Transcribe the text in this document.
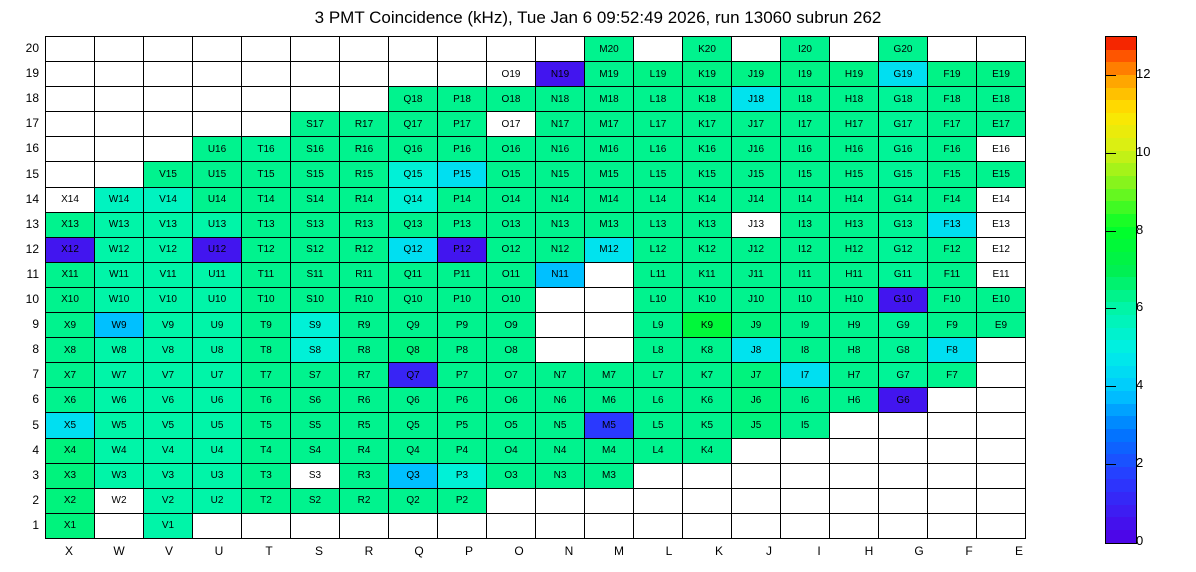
3 PMT Coincidence (kHz), Tue Jan 6 09:52:49 2026, run 13060 subrun 262
											M20		K20		I20		G20		
									O19	N19	M19	L19	K19	J19	I19	H19	G19	F19	E19
							Q18	P18	O18	N18	M18	L18	K18	J18	I18	H18	G18	F18	E18
					S17	R17	Q17	P17	O17	N17	M17	L17	K17	J17	I17	H17	G17	F17	E17
			U16	T16	S16	R16	Q16	P16	O16	N16	M16	L16	K16	J16	I16	H16	G16	F16	E16
		V15	U15	T15	S15	R15	Q15	P15	O15	N15	M15	L15	K15	J15	I15	H15	G15	F15	E15
X14	W14	V14	U14	T14	S14	R14	Q14	P14	O14	N14	M14	L14	K14	J14	I14	H14	G14	F14	E14
X13	W13	V13	U13	T13	S13	R13	Q13	P13	O13	N13	M13	L13	K13	J13	I13	H13	G13	F13	E13
X12	W12	V12	U12	T12	S12	R12	Q12	P12	O12	N12	M12	L12	K12	J12	I12	H12	G12	F12	E12
X11	W11	V11	U11	T11	S11	R11	Q11	P11	O11	N11		L11	K11	J11	I11	H11	G11	F11	E11
X10	W10	V10	U10	T10	S10	R10	Q10	P10	O10			L10	K10	J10	I10	H10	G10	F10	E10
X9	W9	V9	U9	T9	S9	R9	Q9	P9	O9			L9	K9	J9	I9	H9	G9	F9	E9
X8	W8	V8	U8	T8	S8	R8	Q8	P8	O8			L8	K8	J8	I8	H8	G8	F8	
X7	W7	V7	U7	T7	S7	R7	Q7	P7	O7	N7	M7	L7	K7	J7	I7	H7	G7	F7	
X6	W6	V6	U6	T6	S6	R6	Q6	P6	O6	N6	M6	L6	K6	J6	I6	H6	G6		
X5	W5	V5	U5	T5	S5	R5	Q5	P5	O5	N5	M5	L5	K5	J5	I5				
X4	W4	V4	U4	T4	S4	R4	Q4	P4	O4	N4	M4	L4	K4						
X3	W3	V3	U3	T3	S3	R3	Q3	P3	O3	N3	M3								
X2	W2	V2	U2	T2	S2	R2	Q2	P2											
X1		V1																	
20
19
18
17
16
15
14
13
12
11
10
9
8
7
6
5
4
3
2
1
X	W	V	U	T	S	R	Q	P	O	N	M	L	K	J	I	H	G	F	E
0
2
4
6
8
10
12
